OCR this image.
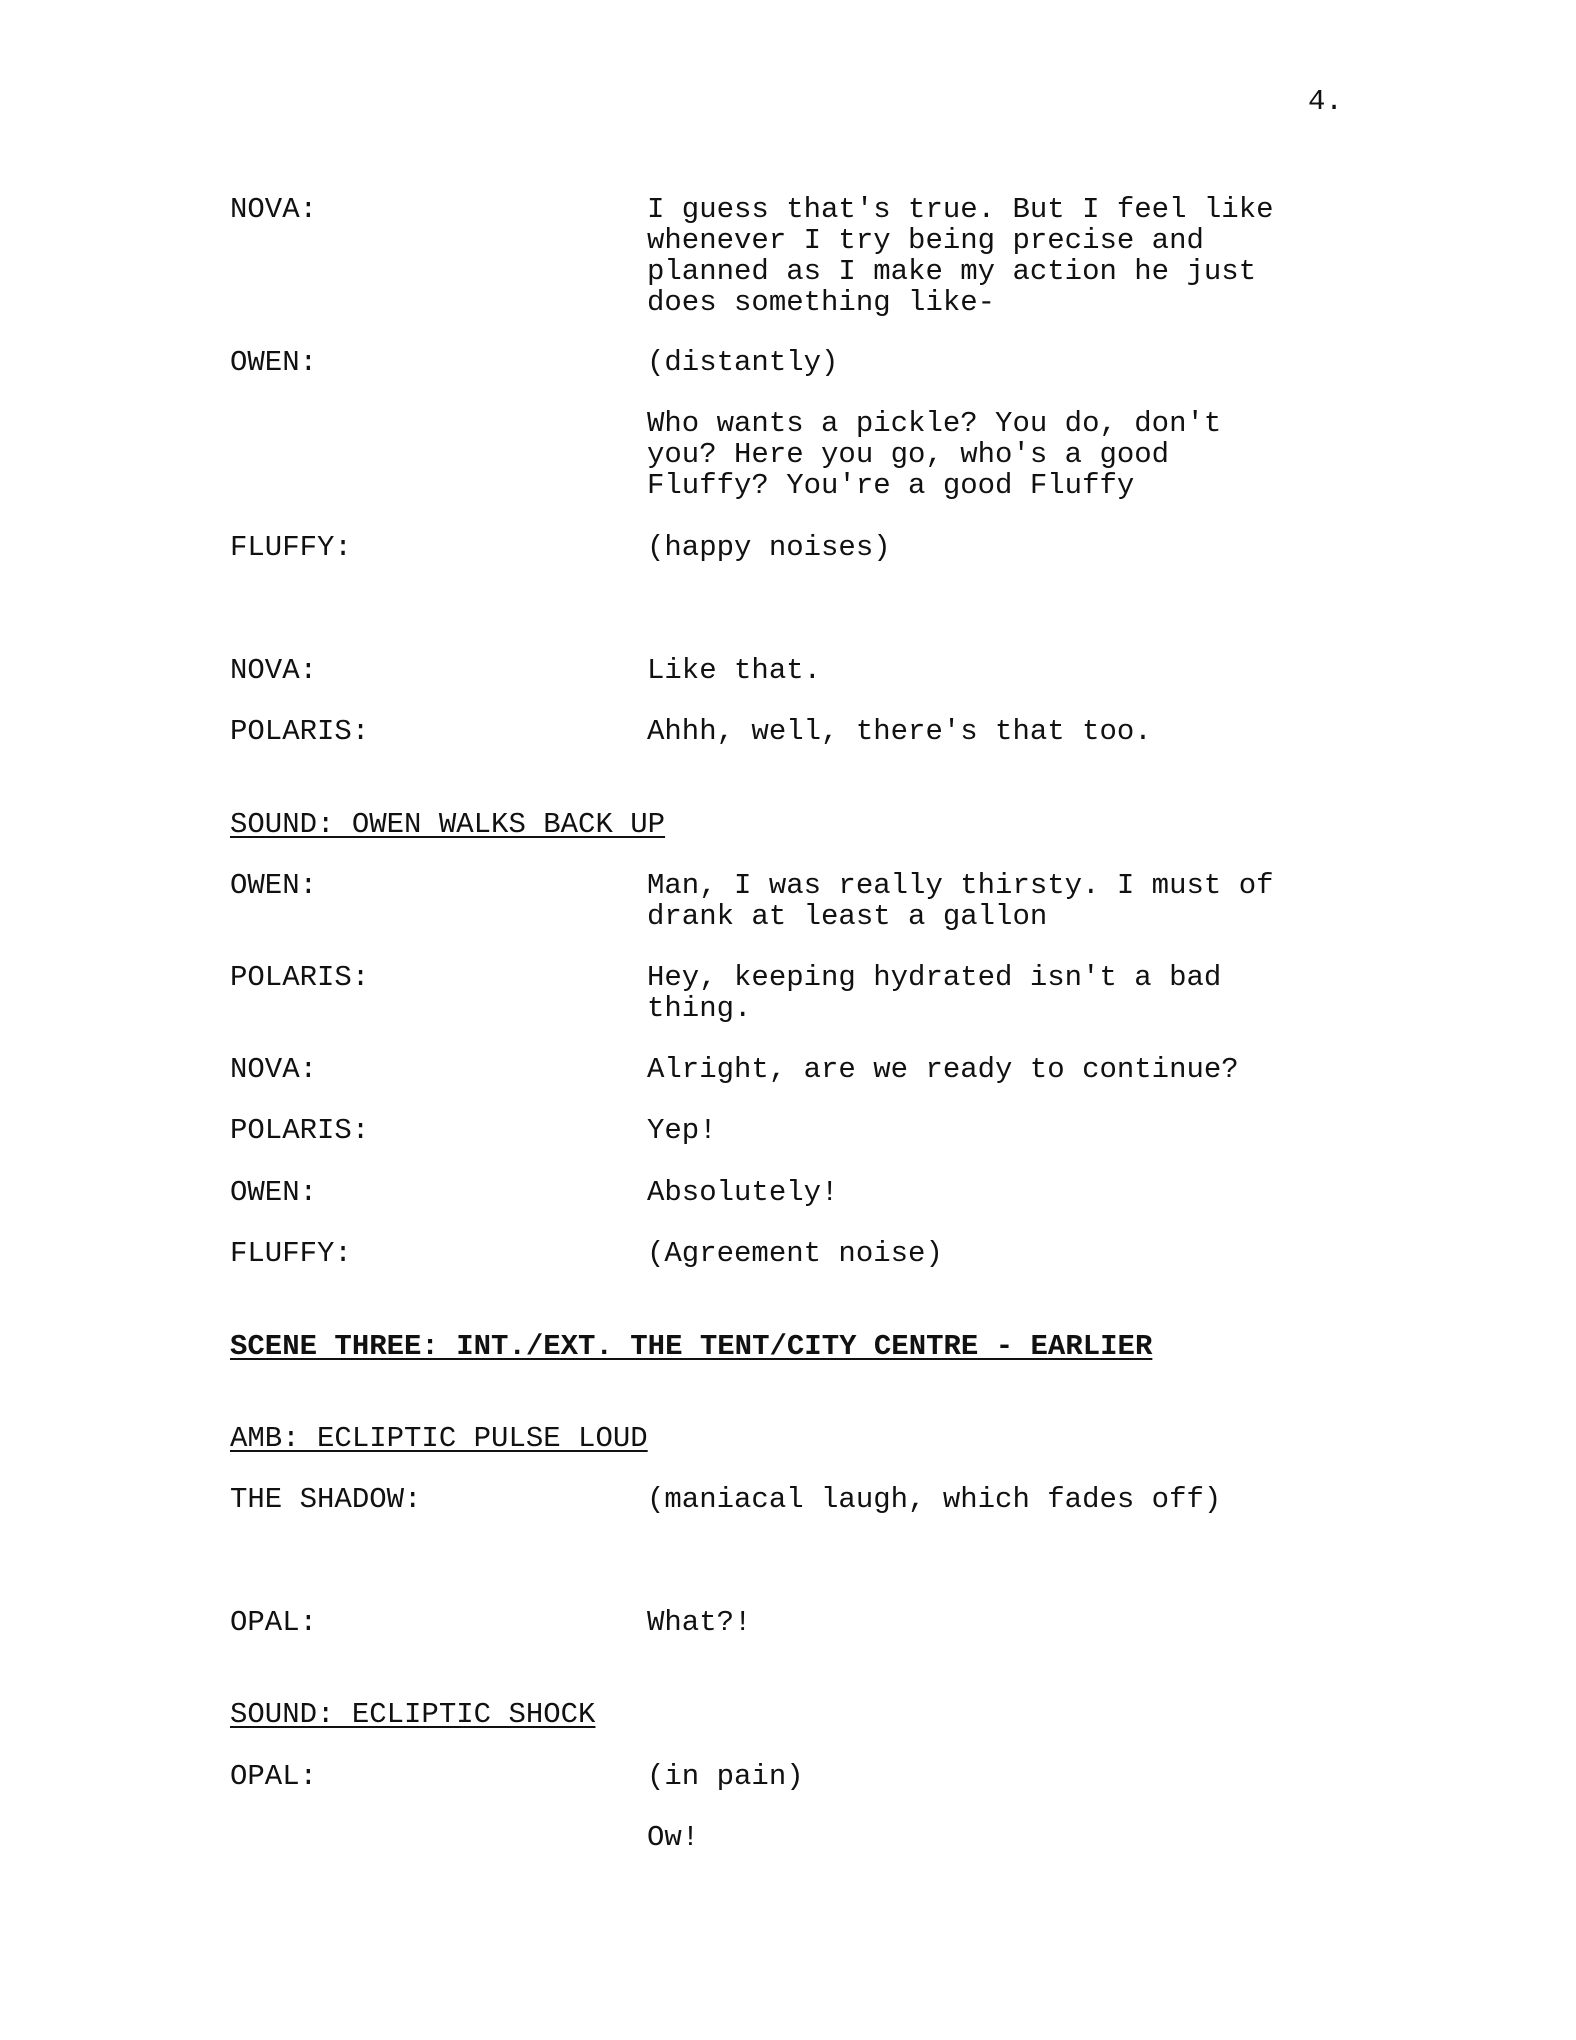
4.
NOVA:	I guess that's true. But I feel like
whenever I try being precise and
planned as I make my action he just
does something like-
OWEN:	(distantly)
Who wants a pickle? You do, don't
you? Here you go, who's a good
Fluffy? You're a good Fluffy
FLUFFY:	(happy noises)
NOVA:	Like that.
POLARIS:	Ahhh, well, there's that too.
SOUND: OWEN WALKS BACK UP
OWEN:	Man, I was really thirsty. I must of
drank at least a gallon
POLARIS:	Hey, keeping hydrated isn't a bad
thing.
NOVA:	Alright, are we ready to continue?
POLARIS:	Yep!
OWEN:	Absolutely!
FLUFFY:	(Agreement noise)
SCENE THREE: INT./EXT. THE TENT/CITY CENTRE - EARLIER
AMB: ECLIPTIC PULSE LOUD
THE SHADOW:	(maniacal laugh, which fades off)
OPAL:	What?!
SOUND: ECLIPTIC SHOCK
OPAL:	(in pain)
Ow!
